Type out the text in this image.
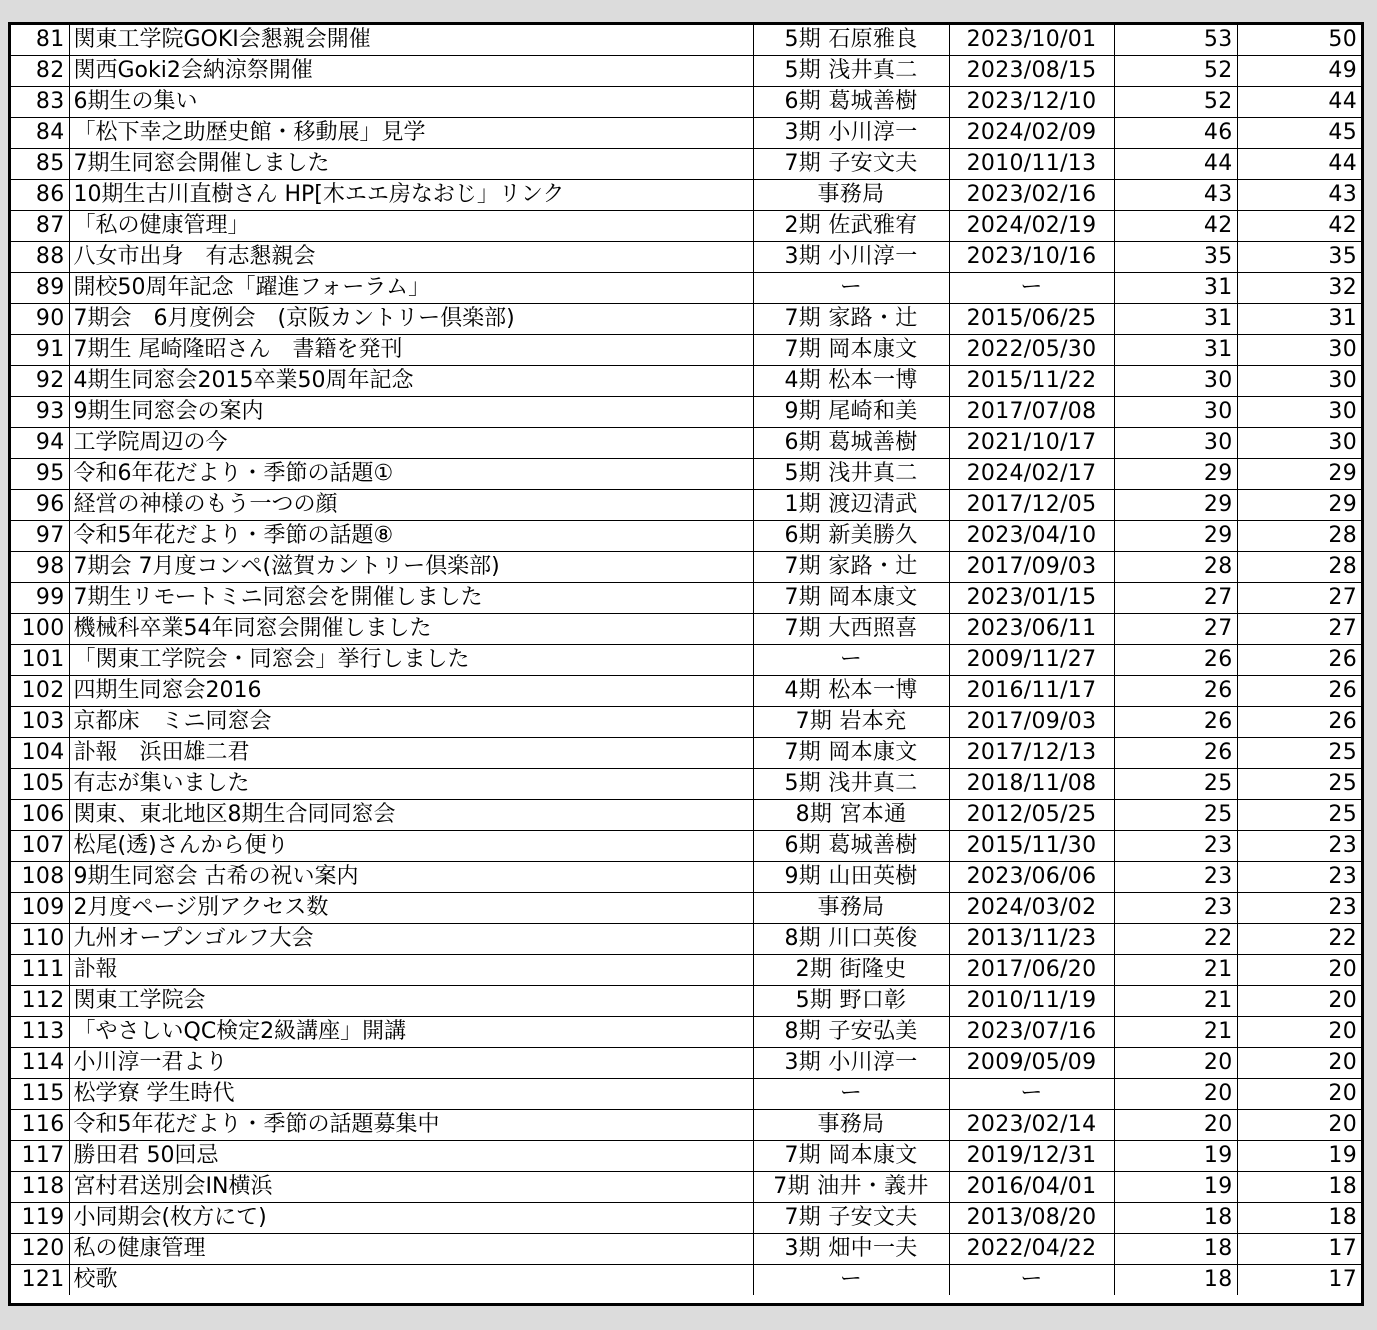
81	関東工学院GOKI会懇親会開催	5期 石原雅良	2023/10/01	53	50
82	関西Goki2会納涼祭開催	5期 浅井真二	2023/08/15	52	49
83	6期生の集い	6期 葛城善樹	2023/12/10	52	44
84	「松下幸之助歴史館・移動展」見学	3期 小川淳一	2024/02/09	46	45
85	7期生同窓会開催しました	7期 子安文夫	2010/11/13	44	44
86	10期生古川直樹さん HP[木エエ房なおじ」リンク	事務局	2023/02/16	43	43
87	「私の健康管理」	2期 佐武雅宥	2024/02/19	42	42
88	八女市出身　有志懇親会	3期 小川淳一	2023/10/16	35	35
89	開校50周年記念「躍進フォーラム」	ー	ー	31	32
90	7期会　6月度例会　(京阪カントリー倶楽部)	7期 家路・辻	2015/06/25	31	31
91	7期生 尾崎隆昭さん　書籍を発刊	7期 岡本康文	2022/05/30	31	30
92	4期生同窓会2015卒業50周年記念	4期 松本一博	2015/11/22	30	30
93	9期生同窓会の案内	9期 尾崎和美	2017/07/08	30	30
94	工学院周辺の今	6期 葛城善樹	2021/10/17	30	30
95	令和6年花だより・季節の話題①	5期 浅井真二	2024/02/17	29	29
96	経営の神様のもう一つの顔	1期 渡辺清武	2017/12/05	29	29
97	令和5年花だより・季節の話題⑧	6期 新美勝久	2023/04/10	29	28
98	7期会 7月度コンペ(滋賀カントリー倶楽部)	7期 家路・辻	2017/09/03	28	28
99	7期生リモートミニ同窓会を開催しました	7期 岡本康文	2023/01/15	27	27
100	機械科卒業54年同窓会開催しました	7期 大西照喜	2023/06/11	27	27
101	「関東工学院会・同窓会」挙行しました	ー	2009/11/27	26	26
102	四期生同窓会2016	4期 松本一博	2016/11/17	26	26
103	京都床　ミニ同窓会	7期 岩本充	2017/09/03	26	26
104	訃報　浜田雄二君	7期 岡本康文	2017/12/13	26	25
105	有志が集いました	5期 浅井真二	2018/11/08	25	25
106	関東、東北地区8期生合同同窓会	8期 宮本通	2012/05/25	25	25
107	松尾(透)さんから便り	6期 葛城善樹	2015/11/30	23	23
108	9期生同窓会 古希の祝い案内	9期 山田英樹	2023/06/06	23	23
109	2月度ページ別アクセス数	事務局	2024/03/02	23	23
110	九州オープンゴルフ大会	8期 川口英俊	2013/11/23	22	22
111	訃報	2期 街隆史	2017/06/20	21	20
112	関東工学院会	5期 野口彰	2010/11/19	21	20
113	「やさしいQC検定2級講座」開講	8期 子安弘美	2023/07/16	21	20
114	小川淳一君より	3期 小川淳一	2009/05/09	20	20
115	松学寮 学生時代	ー	ー	20	20
116	令和5年花だより・季節の話題募集中	事務局	2023/02/14	20	20
117	勝田君 50回忌	7期 岡本康文	2019/12/31	19	19
118	宮村君送別会IN横浜	7期 油井・義井	2016/04/01	19	18
119	小同期会(枚方にて)	7期 子安文夫	2013/08/20	18	18
120	私の健康管理	3期 畑中一夫	2022/04/22	18	17
121	校歌	ー	ー	18	17
